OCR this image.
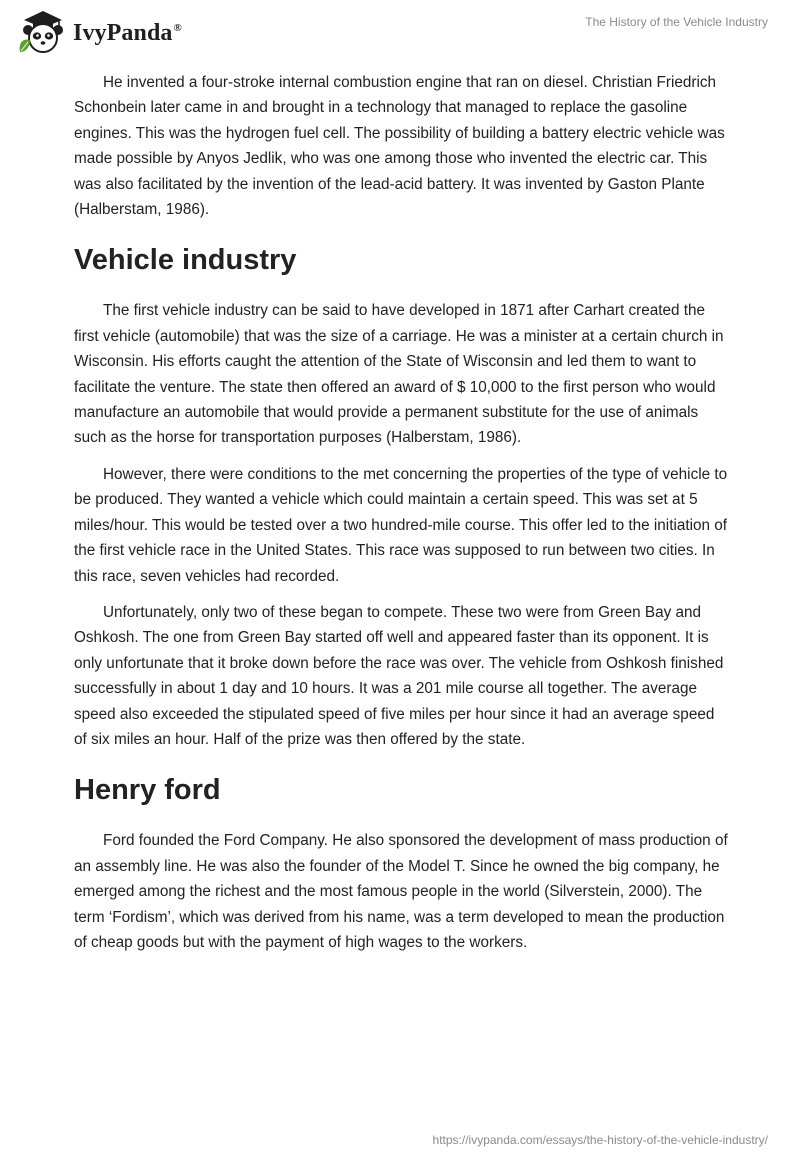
IvyPanda®	The History of the Vehicle Industry

He invented a four-stroke internal combustion engine that ran on diesel. Christian Friedrich Schonbein later came in and brought in a technology that managed to replace the gasoline engines. This was the hydrogen fuel cell. The possibility of building a battery electric vehicle was made possible by Anyos Jedlik, who was one among those who invented the electric car. This was also facilitated by the invention of the lead-acid battery. It was invented by Gaston Plante (Halberstam, 1986).

Vehicle industry

The first vehicle industry can be said to have developed in 1871 after Carhart created the first vehicle (automobile) that was the size of a carriage. He was a minister at a certain church in Wisconsin. His efforts caught the attention of the State of Wisconsin and led them to want to facilitate the venture. The state then offered an award of $ 10,000 to the first person who would manufacture an automobile that would provide a permanent substitute for the use of animals such as the horse for transportation purposes (Halberstam, 1986).

However, there were conditions to the met concerning the properties of the type of vehicle to be produced. They wanted a vehicle which could maintain a certain speed. This was set at 5 miles/hour. This would be tested over a two hundred-mile course. This offer led to the initiation of the first vehicle race in the United States. This race was supposed to run between two cities. In this race, seven vehicles had recorded.

Unfortunately, only two of these began to compete. These two were from Green Bay and Oshkosh. The one from Green Bay started off well and appeared faster than its opponent. It is only unfortunate that it broke down before the race was over. The vehicle from Oshkosh finished successfully in about 1 day and 10 hours. It was a 201 mile course all together. The average speed also exceeded the stipulated speed of five miles per hour since it had an average speed of six miles an hour. Half of the prize was then offered by the state.

Henry ford

Ford founded the Ford Company. He also sponsored the development of mass production of an assembly line. He was also the founder of the Model T. Since he owned the big company, he emerged among the richest and the most famous people in the world (Silverstein, 2000). The term ‘Fordism’, which was derived from his name, was a term developed to mean the production of cheap goods but with the payment of high wages to the workers.

https://ivypanda.com/essays/the-history-of-the-vehicle-industry/
